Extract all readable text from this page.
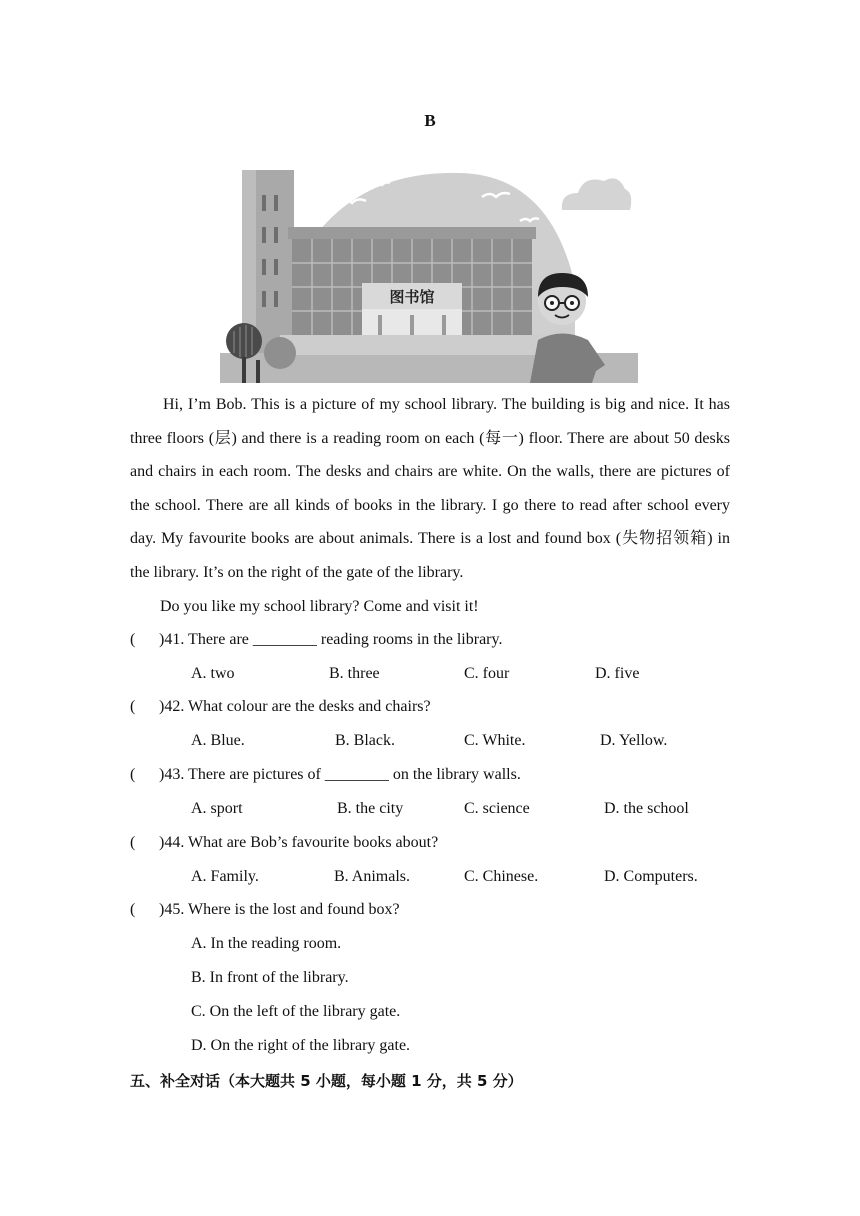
B
图书馆
Hi, I’m Bob. This is a picture of my school library. The building is big and nice. It has three floors (层) and there is a reading room on each (每一) floor. There are about 50 desks and chairs in each room. The desks and chairs are white. On the walls, there are pictures of the school. There are all kinds of books in the library. I go there to read after school every day. My favourite books are about animals. There is a lost and found box (失物招领箱) in the library. It’s on the right of the gate of the library.
Do you like my school library? Come and visit it!
( )41. There are ________ reading rooms in the library.
A. two	B. three	C. four	D. five
( )42. What colour are the desks and chairs?
A. Blue.	B. Black.	C. White.	D. Yellow.
( )43. There are pictures of ________ on the library walls.
A. sport	B. the city	C. science	D. the school
( )44. What are Bob’s favourite books about?
A. Family.	B. Animals.	C. Chinese.	D. Computers.
( )45. Where is the lost and found box?
A. In the reading room.
B. In front of the library.
C. On the left of the library gate.
D. On the right of the library gate.
五、补全对话（本大题共 5 小题，每小题 1 分，共 5 分）
